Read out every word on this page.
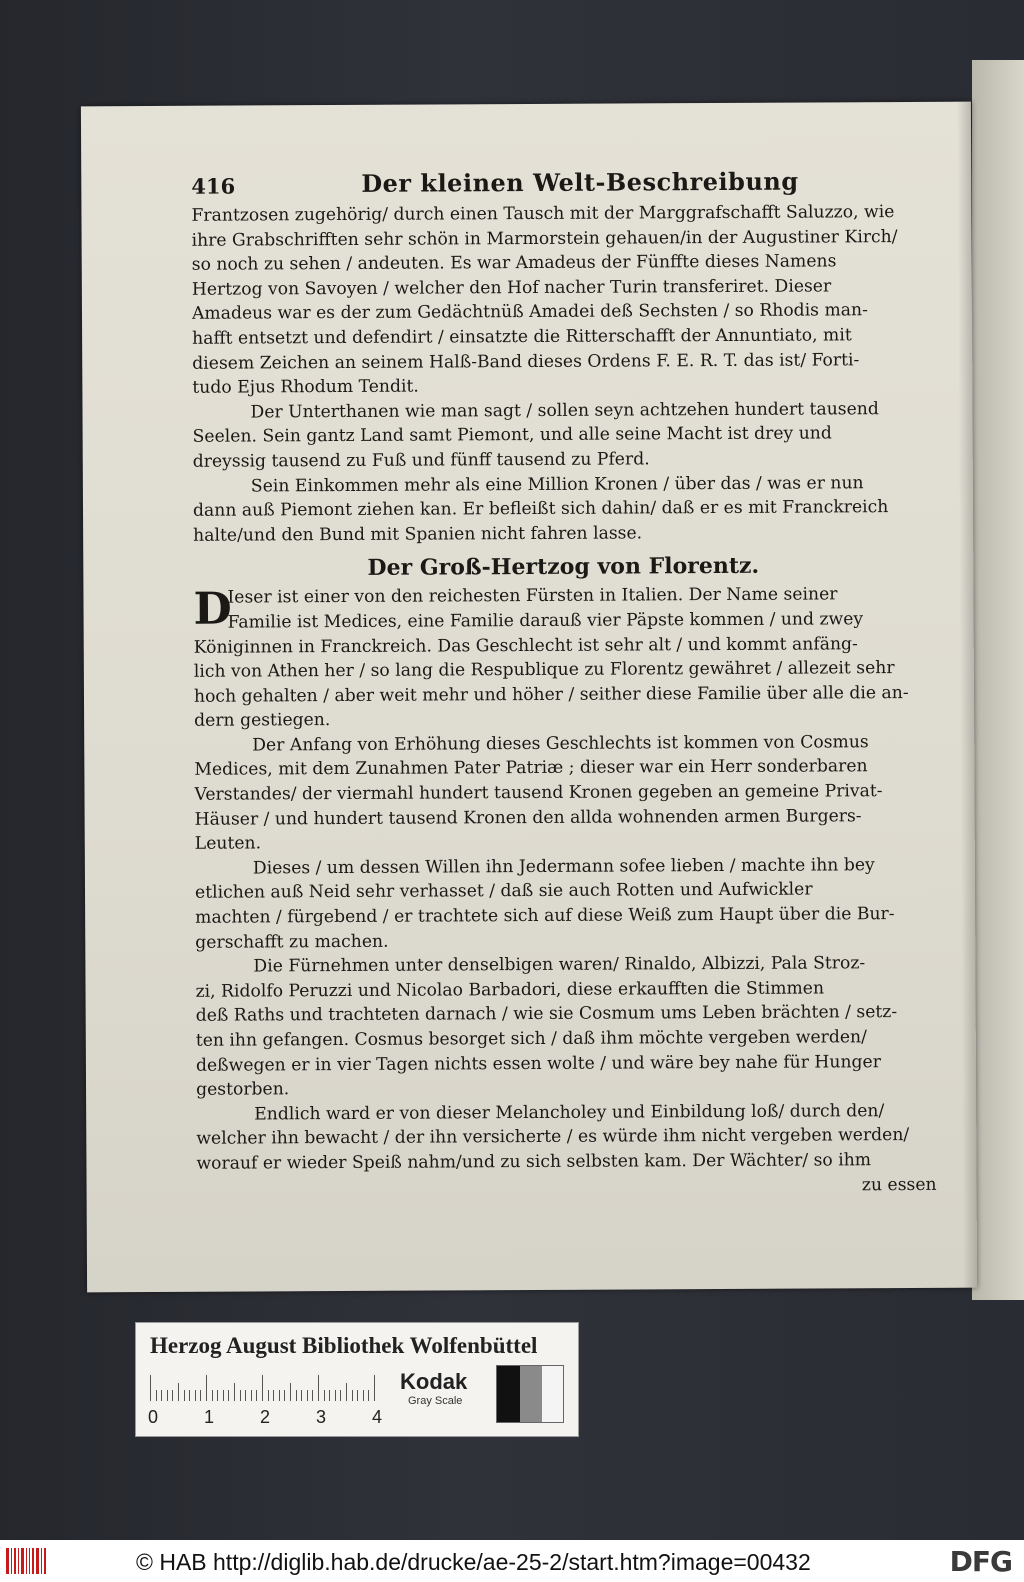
416	Der kleinen Welt-Beschreibung
Frantzosen zugehörig/ durch einen Tausch mit der Marggrafschafft Saluzzo, wie
ihre Grabschrifften sehr schön in Marmorstein gehauen/in der Augustiner Kirch/
so noch zu sehen / andeuten. Es war Amadeus der Fünffte dieses Namens
Hertzog von Savoyen / welcher den Hof nacher Turin transferiret. Dieser
Amadeus war es der zum Gedächtnüß Amadei deß Sechsten / so Rhodis man-
hafft entsetzt und defendirt / einsatzte die Ritterschafft der Annuntiato, mit
diesem Zeichen an seinem Halß-Band dieses Ordens F. E. R. T. das ist/ Forti-
tudo Ejus Rhodum Tendit.
Der Unterthanen wie man sagt / sollen seyn achtzehen hundert tausend
Seelen. Sein gantz Land samt Piemont, und alle seine Macht ist drey und
dreyssig tausend zu Fuß und fünff tausend zu Pferd.
Sein Einkommen mehr als eine Million Kronen / über das / was er nun
dann auß Piemont ziehen kan. Er befleißt sich dahin/ daß er es mit Franckreich
halte/und den Bund mit Spanien nicht fahren lasse.
Der Groß-Hertzog von Florentz.
D
Ieser ist einer von den reichesten Fürsten in Italien. Der Name seiner
Familie ist Medices, eine Familie darauß vier Päpste kommen / und zwey
Königinnen in Franckreich. Das Geschlecht ist sehr alt / und kommt anfäng-
lich von Athen her / so lang die Respublique zu Florentz gewähret / allezeit sehr
hoch gehalten / aber weit mehr und höher / seither diese Familie über alle die an-
dern gestiegen.
Der Anfang von Erhöhung dieses Geschlechts ist kommen von Cosmus
Medices, mit dem Zunahmen Pater Patriæ ; dieser war ein Herr sonderbaren
Verstandes/ der viermahl hundert tausend Kronen gegeben an gemeine Privat-
Häuser / und hundert tausend Kronen den allda wohnenden armen Burgers-
Leuten.
Dieses / um dessen Willen ihn Jedermann sofee lieben / machte ihn bey
etlichen auß Neid sehr verhasset / daß sie auch Rotten und Aufwickler
machten / fürgebend / er trachtete sich auf diese Weiß zum Haupt über die Bur-
gerschafft zu machen.
Die Fürnehmen unter denselbigen waren/ Rinaldo, Albizzi, Pala Stroz-
zi, Ridolfo Peruzzi und Nicolao Barbadori, diese erkaufften die Stimmen
deß Raths und trachteten darnach / wie sie Cosmum ums Leben brächten / setz-
ten ihn gefangen. Cosmus besorget sich / daß ihm möchte vergeben werden/
deßwegen er in vier Tagen nichts essen wolte / und wäre bey nahe für Hunger
gestorben.
Endlich ward er von dieser Melancholey und Einbildung loß/ durch den/
welcher ihn bewacht / der ihn versicherte / es würde ihm nicht vergeben werden/
worauf er wieder Speiß nahm/und zu sich selbsten kam. Der Wächter/ so ihm
zu essen
Herzog August Bibliothek Wolfenbüttel
0	1	2	3	4
Kodak
Gray Scale
© HAB http://diglib.hab.de/drucke/ae-25-2/start.htm?image=00432	DFG
